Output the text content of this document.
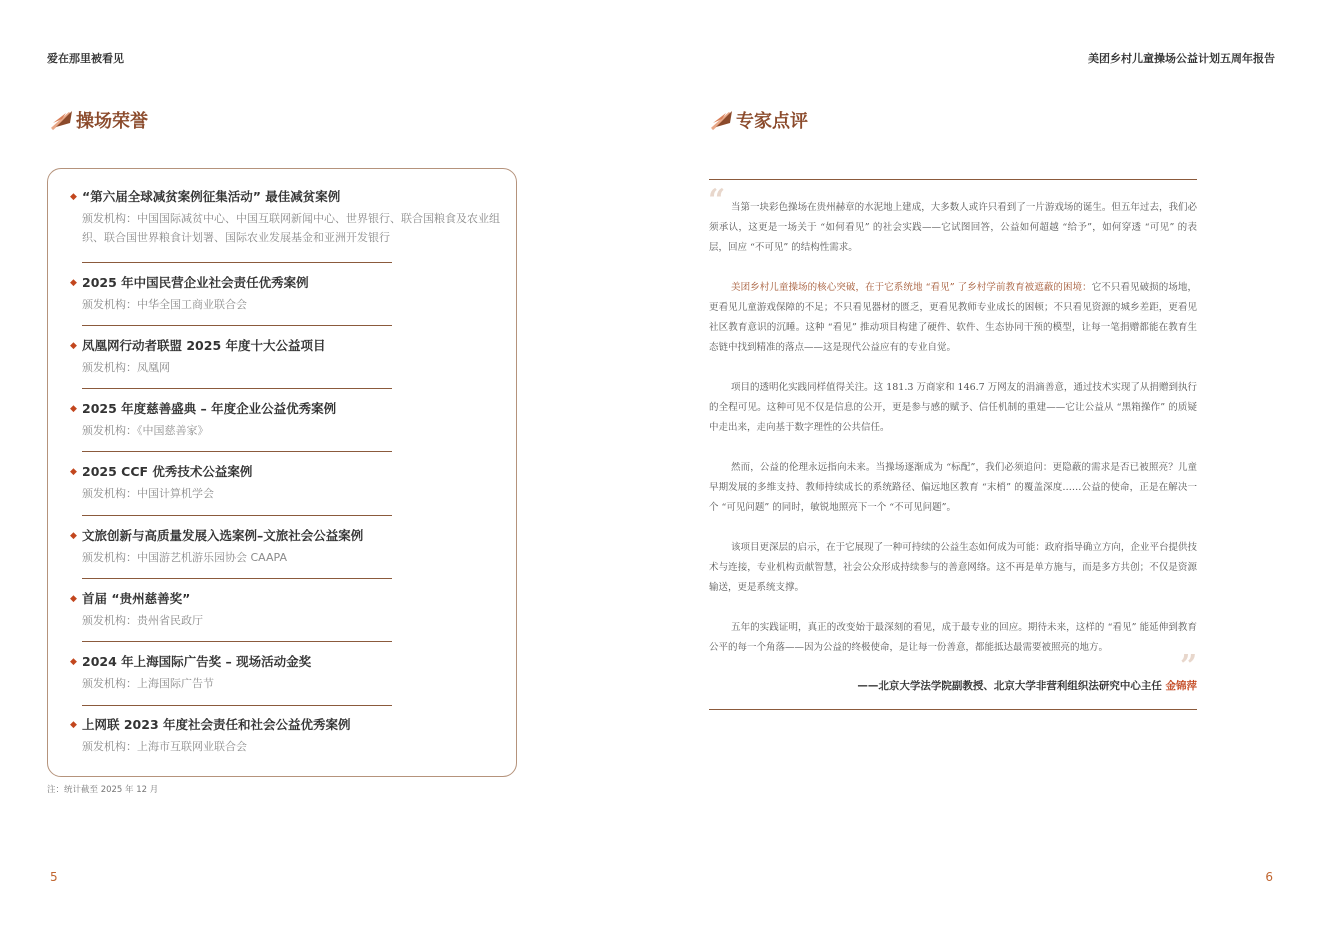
爱在那里被看见	美团乡村儿童操场公益计划五周年报告
操场荣誉
◆ “第六届全球减贫案例征集活动” 最佳减贫案例
颁发机构：中国国际减贫中心、中国互联网新闻中心、世界银行、联合国粮食及农业组织、联合国世界粮食计划署、国际农业发展基金和亚洲开发银行
◆ 2025 年中国民营企业社会责任优秀案例
颁发机构：中华全国工商业联合会
◆ 凤凰网行动者联盟 2025 年度十大公益项目
颁发机构：凤凰网
◆ 2025 年度慈善盛典 – 年度企业公益优秀案例
颁发机构：《中国慈善家》
◆ 2025 CCF 优秀技术公益案例
颁发机构：中国计算机学会
◆ 文旅创新与高质量发展入选案例–文旅社会公益案例
颁发机构：中国游艺机游乐园协会 CAAPA
◆ 首届 “贵州慈善奖”
颁发机构：贵州省民政厅
◆ 2024 年上海国际广告奖 – 现场活动金奖
颁发机构：上海国际广告节
◆ 上网联 2023 年度社会责任和社会公益优秀案例
颁发机构：上海市互联网业联合会
注：统计截至 2025 年 12 月
5
专家点评
“ 当第一块彩色操场在贵州赫章的水泥地上建成，大多数人或许只看到了一片游戏场的诞生。但五年过去，我们必须承认，这更是一场关于 “如何看见” 的社会实践——它试图回答，公益如何超越 “给予”，如何穿透 “可见” 的表层，回应 “不可见” 的结构性需求。

美团乡村儿童操场的核心突破，在于它系统地 “看见” 了乡村学前教育被遮蔽的困境：它不只看见破损的场地，更看见儿童游戏保障的不足；不只看见器材的匮乏，更看见教师专业成长的困顿；不只看见资源的城乡差距，更看见社区教育意识的沉睡。这种 “看见” 推动项目构建了硬件、软件、生态协同干预的模型，让每一笔捐赠都能在教育生态链中找到精准的落点——这是现代公益应有的专业自觉。

项目的透明化实践同样值得关注。这 181.3 万商家和 146.7 万网友的涓滴善意，通过技术实现了从捐赠到执行的全程可见。这种可见不仅是信息的公开，更是参与感的赋予、信任机制的重建——它让公益从 “黑箱操作” 的质疑中走出来，走向基于数字理性的公共信任。

然而，公益的伦理永远指向未来。当操场逐渐成为 “标配”，我们必须追问：更隐蔽的需求是否已被照亮？儿童早期发展的多维支持、教师持续成长的系统路径、偏远地区教育 “末梢” 的覆盖深度……公益的使命，正是在解决一个 “可见问题” 的同时，敏锐地照亮下一个 “不可见问题”。

该项目更深层的启示，在于它展现了一种可持续的公益生态如何成为可能：政府指导确立方向，企业平台提供技术与连接，专业机构贡献智慧，社会公众形成持续参与的善意网络。这不再是单方施与，而是多方共创；不仅是资源输送，更是系统支撑。

五年的实践证明，真正的改变始于最深刻的看见，成于最专业的回应。期待未来，这样的 “看见” 能延伸到教育公平的每一个角落——因为公益的终极使命，是让每一份善意，都能抵达最需要被照亮的地方。

”
——北京大学法学院副教授、北京大学非营利组织法研究中心主任 金锦萍
6
